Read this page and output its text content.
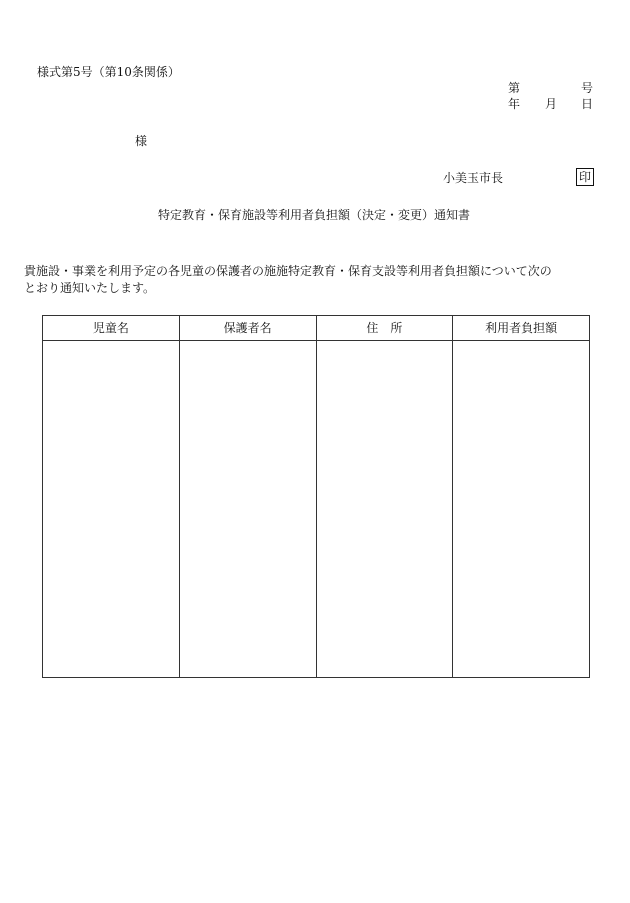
様式第5号（第10条関係）
第	号
年 月 日
様
小美玉市長	印
特定教育・保育施設等利用者負担額（決定・変更）通知書
貴施設・事業を利用予定の各児童の保護者の施施特定教育・保育支設等利用者負担額について次の
とおり通知いたします。
児童名	保護者名	住　所	利用者負担額
